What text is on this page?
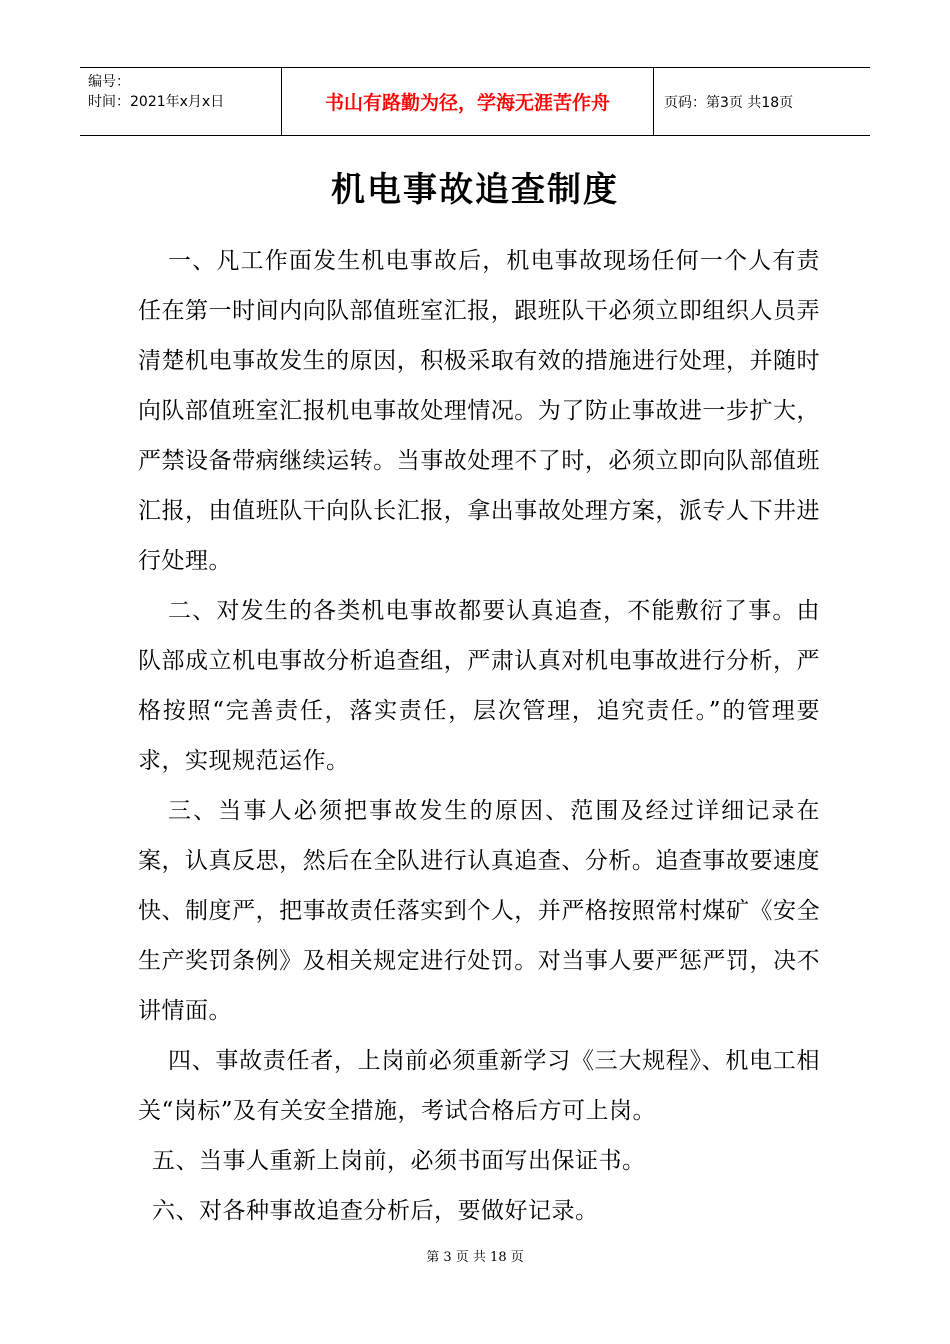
编号：
时间：2021年x月x日	书山有路勤为径，学海无涯苦作舟	页码：第3页 共18页
机电事故追查制度

一、凡工作面发生机电事故后，机电事故现场任何一个人有责任在第一时间内向队部值班室汇报，跟班队干必须立即组织人员弄清楚机电事故发生的原因，积极采取有效的措施进行处理，并随时向队部值班室汇报机电事故处理情况。为了防止事故进一步扩大，严禁设备带病继续运转。当事故处理不了时，必须立即向队部值班汇报，由值班队干向队长汇报，拿出事故处理方案，派专人下井进行处理。

二、对发生的各类机电事故都要认真追查，不能敷衍了事。由队部成立机电事故分析追查组，严肃认真对机电事故进行分析，严格按照“完善责任，落实责任，层次管理，追究责任。”的管理要求，实现规范运作。

三、当事人必须把事故发生的原因、范围及经过详细记录在案，认真反思，然后在全队进行认真追查、分析。追查事故要速度快、制度严，把事故责任落实到个人，并严格按照常村煤矿《安全生产奖罚条例》及相关规定进行处罚。对当事人要严惩严罚，决不讲情面。

四、事故责任者，上岗前必须重新学习《三大规程》、机电工相关“岗标”及有关安全措施，考试合格后方可上岗。

五、当事人重新上岗前，必须书面写出保证书。

六、对各种事故追查分析后，要做好记录。

第 3 页 共 18 页
